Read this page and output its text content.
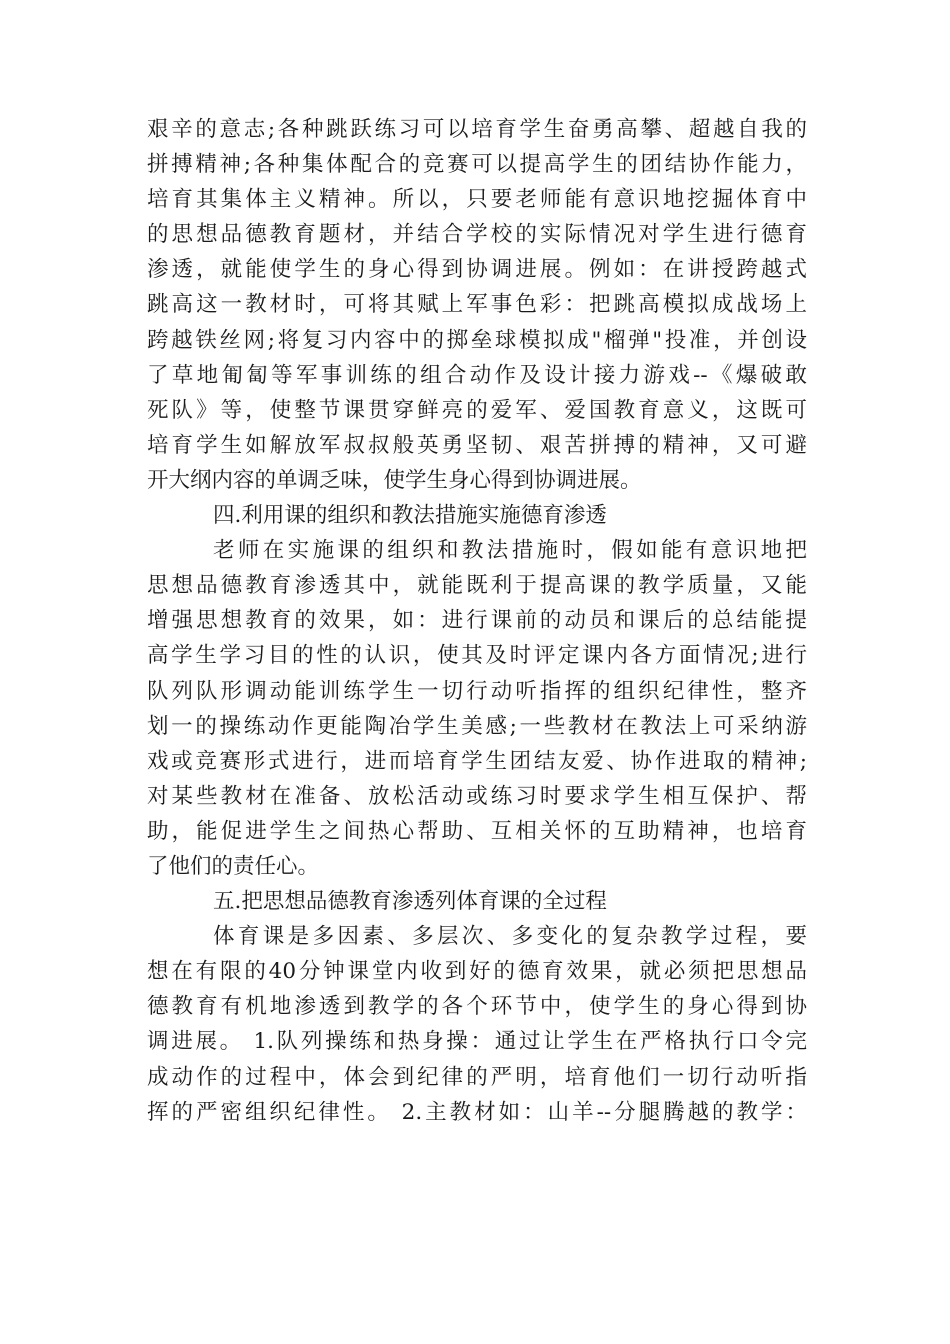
艰辛的意志;各种跳跃练习可以培育学生奋勇高攀、超越自我的
拼搏精神;各种集体配合的竞赛可以提高学生的团结协作能力，
培育其集体主义精神。所以，只要老师能有意识地挖掘体育中
的思想品德教育题材，并结合学校的实际情况对学生进行德育
渗透，就能使学生的身心得到协调进展。例如：在讲授跨越式
跳高这一教材时，可将其赋上军事色彩：把跳高模拟成战场上
跨越铁丝网;将复习内容中的掷垒球模拟成"榴弹"投准，并创设
了草地匍匐等军事训练的组合动作及设计接力游戏--《爆破敢
死队》等，使整节课贯穿鲜亮的爱军、爱国教育意义，这既可
培育学生如解放军叔叔般英勇坚韧、艰苦拼搏的精神，又可避
开大纲内容的单调乏味，使学生身心得到协调进展。
四.利用课的组织和教法措施实施德育渗透
老师在实施课的组织和教法措施时，假如能有意识地把
思想品德教育渗透其中，就能既利于提高课的教学质量，又能
增强思想教育的效果，如：进行课前的动员和课后的总结能提
高学生学习目的性的认识，使其及时评定课内各方面情况;进行
队列队形调动能训练学生一切行动听指挥的组织纪律性，整齐
划一的操练动作更能陶冶学生美感;一些教材在教法上可采纳游
戏或竞赛形式进行，进而培育学生团结友爱、协作进取的精神;
对某些教材在准备、放松活动或练习时要求学生相互保护、帮
助，能促进学生之间热心帮助、互相关怀的互助精神，也培育
了他们的责任心。
五.把思想品德教育渗透列体育课的全过程
体育课是多因素、多层次、多变化的复杂教学过程，要
想在有限的40分钟课堂内收到好的德育效果，就必须把思想品
德教育有机地渗透到教学的各个环节中，使学生的身心得到协
调进展。 1.队列操练和热身操：通过让学生在严格执行口令完
成动作的过程中，体会到纪律的严明，培育他们一切行动听指
挥的严密组织纪律性。 2.主教材如：山羊--分腿腾越的教学：
